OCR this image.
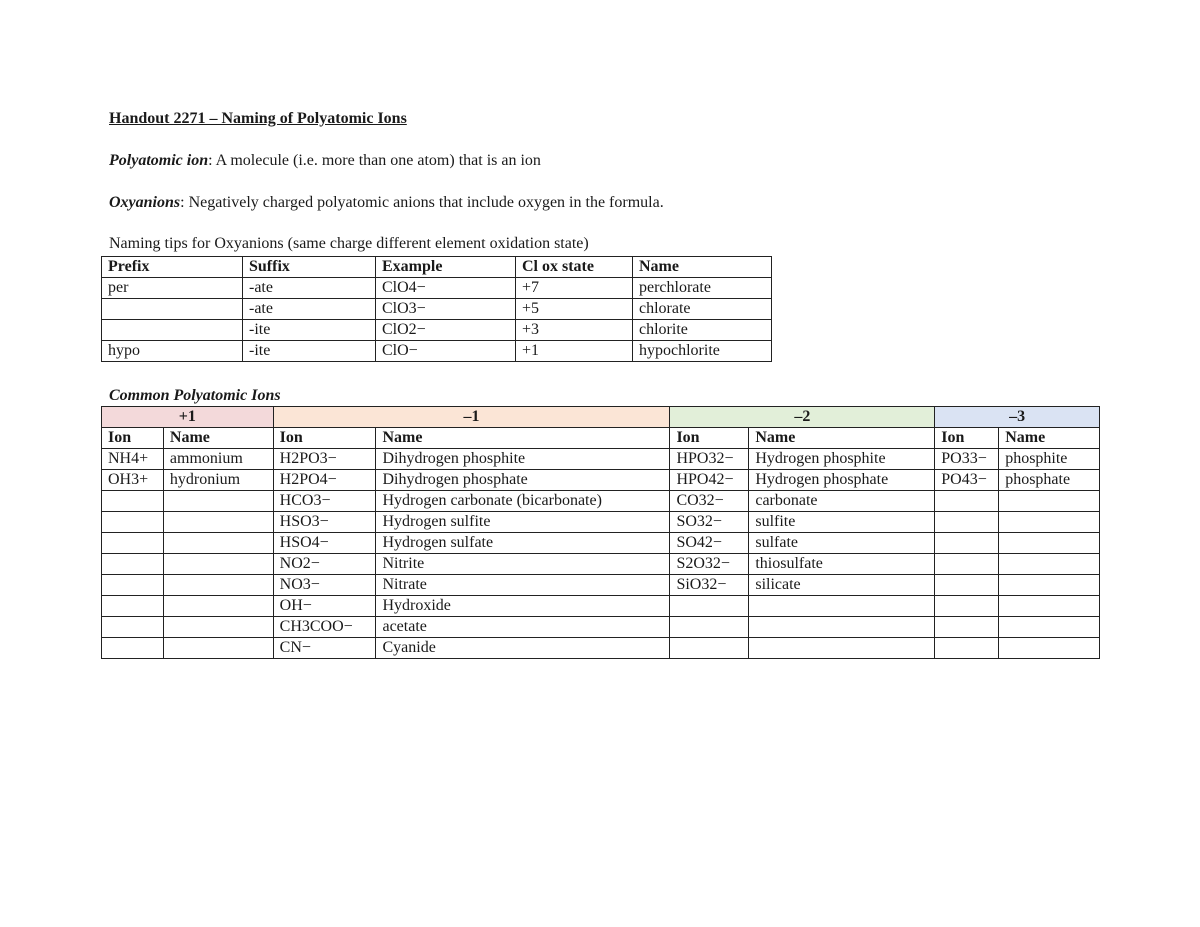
Handout 2271 – Naming of Polyatomic Ions
Polyatomic ion: A molecule (i.e. more than one atom) that is an ion
Oxyanions: Negatively charged polyatomic anions that include oxygen in the formula.
Naming tips for Oxyanions (same charge different element oxidation state)
Prefix	Suffix	Example	Cl ox state	Name
per	-ate	ClO4−	+7	perchlorate
	-ate	ClO3−	+5	chlorate
	-ite	ClO2−	+3	chlorite
hypo	-ite	ClO−	+1	hypochlorite
Common Polyatomic Ions
+1		–1		–2		–3	
Ion	Name	Ion	Name	Ion	Name	Ion	Name
NH4+	ammonium	H2PO3−	Dihydrogen phosphite	HPO32−	Hydrogen phosphite	PO33−	phosphite
OH3+	hydronium	H2PO4−	Dihydrogen phosphate	HPO42−	Hydrogen phosphate	PO43−	phosphate
		HCO3−	Hydrogen carbonate (bicarbonate)	CO32−	carbonate		
		HSO3−	Hydrogen sulfite	SO32−	sulfite		
		HSO4−	Hydrogen sulfate	SO42−	sulfate		
		NO2−	Nitrite	S2O32−	thiosulfate		
		NO3−	Nitrate	SiO32−	silicate		
		OH−	Hydroxide				
		CH3COO−	acetate				
		CN−	Cyanide				
